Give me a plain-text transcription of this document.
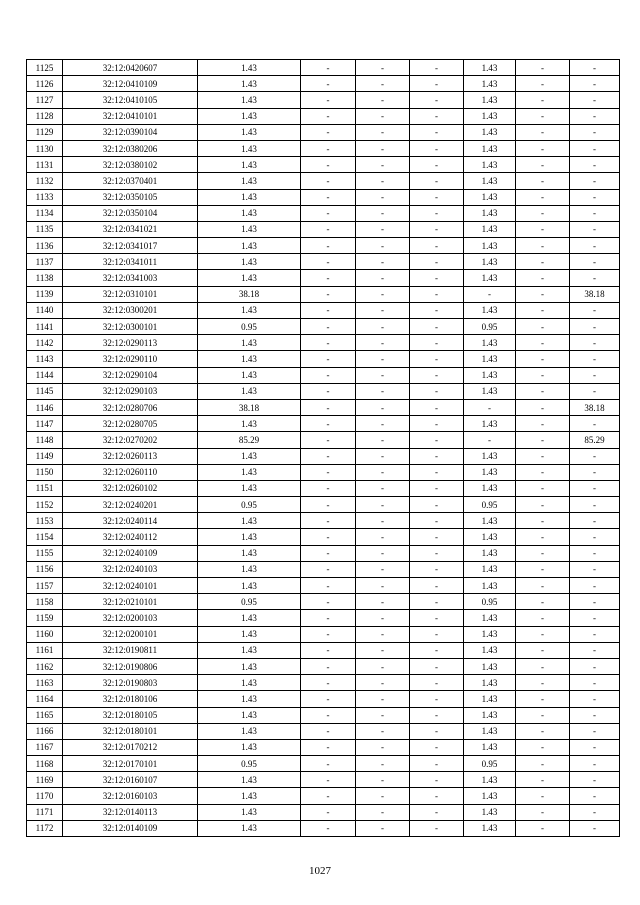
1125	32:12:0420607	1.43	-	-	-	1.43	-	-
1126	32:12:0410109	1.43	-	-	-	1.43	-	-
1127	32:12:0410105	1.43	-	-	-	1.43	-	-
1128	32:12:0410101	1.43	-	-	-	1.43	-	-
1129	32:12:0390104	1.43	-	-	-	1.43	-	-
1130	32:12:0380206	1.43	-	-	-	1.43	-	-
1131	32:12:0380102	1.43	-	-	-	1.43	-	-
1132	32:12:0370401	1.43	-	-	-	1.43	-	-
1133	32:12:0350105	1.43	-	-	-	1.43	-	-
1134	32:12:0350104	1.43	-	-	-	1.43	-	-
1135	32:12:0341021	1.43	-	-	-	1.43	-	-
1136	32:12:0341017	1.43	-	-	-	1.43	-	-
1137	32:12:0341011	1.43	-	-	-	1.43	-	-
1138	32:12:0341003	1.43	-	-	-	1.43	-	-
1139	32:12:0310101	38.18	-	-	-	-	-	38.18
1140	32:12:0300201	1.43	-	-	-	1.43	-	-
1141	32:12:0300101	0.95	-	-	-	0.95	-	-
1142	32:12:0290113	1.43	-	-	-	1.43	-	-
1143	32:12:0290110	1.43	-	-	-	1.43	-	-
1144	32:12:0290104	1.43	-	-	-	1.43	-	-
1145	32:12:0290103	1.43	-	-	-	1.43	-	-
1146	32:12:0280706	38.18	-	-	-	-	-	38.18
1147	32:12:0280705	1.43	-	-	-	1.43	-	-
1148	32:12:0270202	85.29	-	-	-	-	-	85.29
1149	32:12:0260113	1.43	-	-	-	1.43	-	-
1150	32:12:0260110	1.43	-	-	-	1.43	-	-
1151	32:12:0260102	1.43	-	-	-	1.43	-	-
1152	32:12:0240201	0.95	-	-	-	0.95	-	-
1153	32:12:0240114	1.43	-	-	-	1.43	-	-
1154	32:12:0240112	1.43	-	-	-	1.43	-	-
1155	32:12:0240109	1.43	-	-	-	1.43	-	-
1156	32:12:0240103	1.43	-	-	-	1.43	-	-
1157	32:12:0240101	1.43	-	-	-	1.43	-	-
1158	32:12:0210101	0.95	-	-	-	0.95	-	-
1159	32:12:0200103	1.43	-	-	-	1.43	-	-
1160	32:12:0200101	1.43	-	-	-	1.43	-	-
1161	32:12:0190811	1.43	-	-	-	1.43	-	-
1162	32:12:0190806	1.43	-	-	-	1.43	-	-
1163	32:12:0190803	1.43	-	-	-	1.43	-	-
1164	32:12:0180106	1.43	-	-	-	1.43	-	-
1165	32:12:0180105	1.43	-	-	-	1.43	-	-
1166	32:12:0180101	1.43	-	-	-	1.43	-	-
1167	32:12:0170212	1.43	-	-	-	1.43	-	-
1168	32:12:0170101	0.95	-	-	-	0.95	-	-
1169	32:12:0160107	1.43	-	-	-	1.43	-	-
1170	32:12:0160103	1.43	-	-	-	1.43	-	-
1171	32:12:0140113	1.43	-	-	-	1.43	-	-
1172	32:12:0140109	1.43	-	-	-	1.43	-	-
1027
